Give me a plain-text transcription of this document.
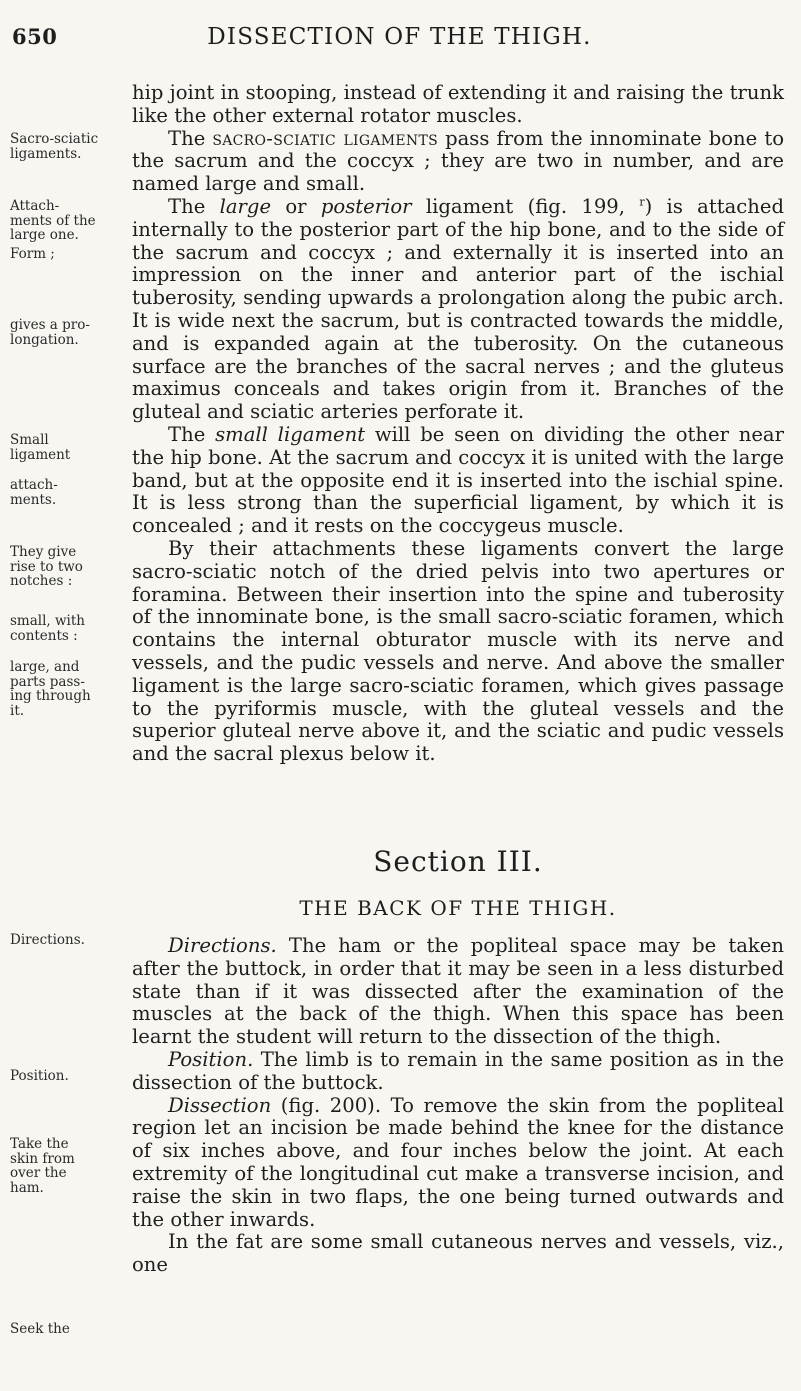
650	DISSECTION OF THE THIGH.
Sacro-sciatic
ligaments.
Attach-
ments of the
large one.
Form ;
gives a pro-
longation.
Small
ligament
attach-
ments.
They give
rise to two
notches :
small, with
contents :
large, and
parts pass-
ing through
it.
Directions.
Position.
Take the
skin from
over the
ham.
Seek the

hip joint in stooping, instead of extending it and raising the trunk like the other external rotator muscles.

The sacro-sciatic ligaments pass from the innominate bone to the sacrum and the coccyx ; they are two in number, and are named large and small.

The large or posterior ligament (fig. 199, $^r$) is attached internally to the posterior part of the hip bone, and to the side of the sacrum and coccyx ; and externally it is inserted into an impression on the inner and anterior part of the ischial tuberosity, sending upwards a prolongation along the pubic arch. It is wide next the sacrum, but is contracted towards the middle, and is expanded again at the tuberosity. On the cutaneous surface are the branches of the sacral nerves ; and the gluteus maximus conceals and takes origin from it. Branches of the gluteal and sciatic arteries perforate it.

The small ligament will be seen on dividing the other near the hip bone. At the sacrum and coccyx it is united with the large band, but at the opposite end it is inserted into the ischial spine. It is less strong than the superficial ligament, by which it is concealed ; and it rests on the coccygeus muscle.

By their attachments these ligaments convert the large sacro-sciatic notch of the dried pelvis into two apertures or foramina. Between their insertion into the spine and tuberosity of the innominate bone, is the small sacro-sciatic foramen, which contains the internal obturator muscle with its nerve and vessels, and the pudic vessels and nerve. And above the smaller ligament is the large sacro-sciatic foramen, which gives passage to the pyriformis muscle, with the gluteal vessels and the superior gluteal nerve above it, and the sciatic and pudic vessels and the sacral plexus below it.

Section III.
THE BACK OF THE THIGH.

Directions. The ham or the popliteal space may be taken after the buttock, in order that it may be seen in a less disturbed state than if it was dissected after the examination of the muscles at the back of the thigh. When this space has been learnt the student will return to the dissection of the thigh.

Position. The limb is to remain in the same position as in the dissection of the buttock.

Dissection (fig. 200). To remove the skin from the popliteal region let an incision be made behind the knee for the distance of six inches above, and four inches below the joint. At each extremity of the longitudinal cut make a transverse incision, and raise the skin in two flaps, the one being turned outwards and the other inwards.

In the fat are some small cutaneous nerves and vessels, viz., one
